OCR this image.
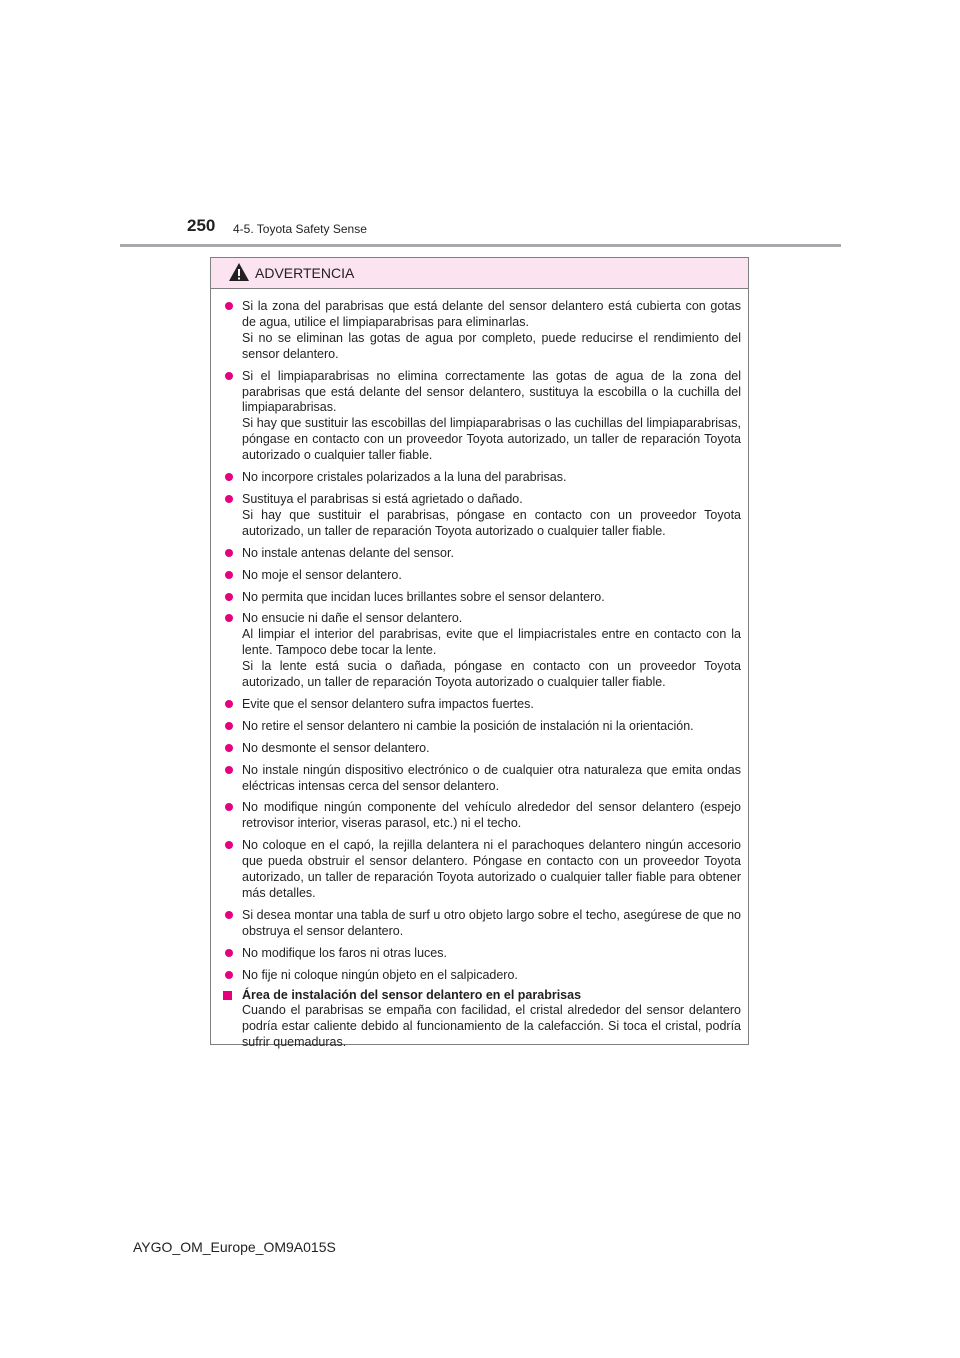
250 4-5. Toyota Safety Sense
ADVERTENCIA

Si la zona del parabrisas que está delante del sensor delantero está cubierta con gotas de agua, utilice el limpiaparabrisas para eliminarlas.

Si no se eliminan las gotas de agua por completo, puede reducirse el rendimiento del sensor delantero.

Si el limpiaparabrisas no elimina correctamente las gotas de agua de la zona del parabrisas que está delante del sensor delantero, sustituya la escobilla o la cuchilla del limpiaparabrisas.

Si hay que sustituir las escobillas del limpiaparabrisas o las cuchillas del limpiaparabrisas, póngase en contacto con un proveedor Toyota autorizado, un taller de reparación Toyota autorizado o cualquier taller fiable.

No incorpore cristales polarizados a la luna del parabrisas.

Sustituya el parabrisas si está agrietado o dañado.

Si hay que sustituir el parabrisas, póngase en contacto con un proveedor Toyota autorizado, un taller de reparación Toyota autorizado o cualquier taller fiable.

No instale antenas delante del sensor.

No moje el sensor delantero.

No permita que incidan luces brillantes sobre el sensor delantero.

No ensucie ni dañe el sensor delantero.

Al limpiar el interior del parabrisas, evite que el limpiacristales entre en contacto con la lente. Tampoco debe tocar la lente.

Si la lente está sucia o dañada, póngase en contacto con un proveedor Toyota autorizado, un taller de reparación Toyota autorizado o cualquier taller fiable.

Evite que el sensor delantero sufra impactos fuertes.

No retire el sensor delantero ni cambie la posición de instalación ni la orientación.

No desmonte el sensor delantero.

No instale ningún dispositivo electrónico o de cualquier otra naturaleza que emita ondas eléctricas intensas cerca del sensor delantero.

No modifique ningún componente del vehículo alrededor del sensor delantero (espejo retrovisor interior, viseras parasol, etc.) ni el techo.

No coloque en el capó, la rejilla delantera ni el parachoques delantero ningún accesorio que pueda obstruir el sensor delantero. Póngase en contacto con un proveedor Toyota autorizado, un taller de reparación Toyota autorizado o cualquier taller fiable para obtener más detalles.

Si desea montar una tabla de surf u otro objeto largo sobre el techo, asegúrese de que no obstruya el sensor delantero.

No modifique los faros ni otras luces.

No fije ni coloque ningún objeto en el salpicadero.

Área de instalación del sensor delantero en el parabrisas

Cuando el parabrisas se empaña con facilidad, el cristal alrededor del sensor delantero podría estar caliente debido al funcionamiento de la calefacción. Si toca el cristal, podría sufrir quemaduras.

AYGO_OM_Europe_OM9A015S
